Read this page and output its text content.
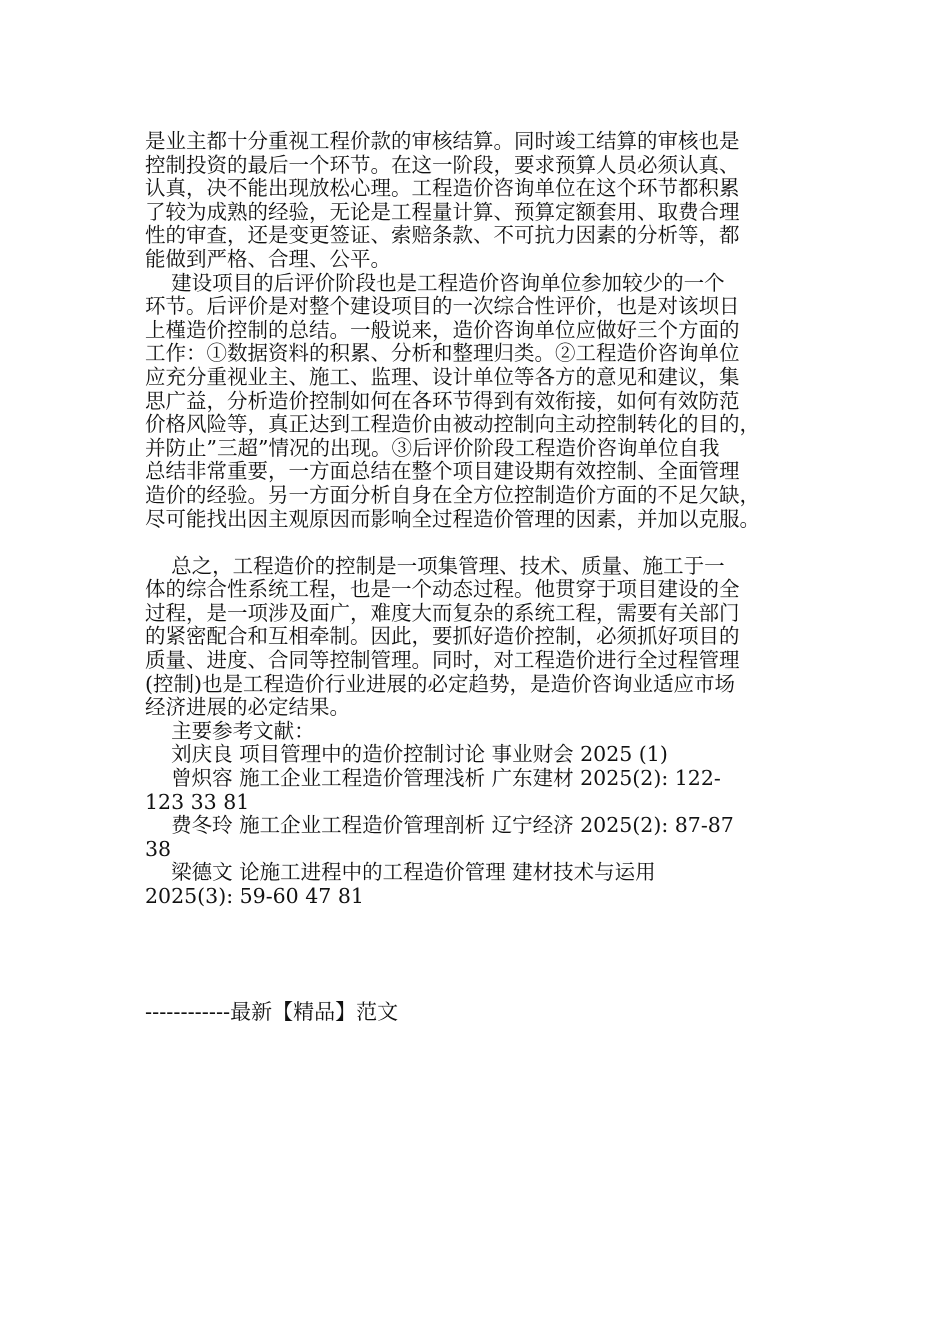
是业主都十分重视工程价款的审核结算。同时竣工结算的审核也是
控制投资的最后一个环节。在这一阶段，要求预算人员必须认真、
认真，决不能出现放松心理。工程造价咨询单位在这个环节都积累
了较为成熟的经验，无论是工程量计算、预算定额套用、取费合理
性的审查，还是变更签证、索赔条款、不可抗力因素的分析等，都
能做到严格、合理、公平。
建设项目的后评价阶段也是工程造价咨询单位参加较少的一个
环节。后评价是对整个建设项目的一次综合性评价，也是对该坝日
上槿造价控制的总结。一般说来，造价咨询单位应做好三个方面的
工作：①数据资料的积累、分析和整理归类。②工程造价咨询单位
应充分重视业主、施工、监理、设计单位等各方的意见和建议，集
思广益，分析造价控制如何在各环节得到有效衔接，如何有效防范
价格风险等，真正达到工程造价由被动控制向主动控制转化的目的，
并防止”三超”情况的出现。③后评价阶段工程造价咨询单位自我
总结非常重要，一方面总结在整个项目建设期有效控制、全面管理
造价的经验。另一方面分析自身在全方位控制造价方面的不足欠缺，
尽可能找出因主观原因而影响全过程造价管理的因素，并加以克服。
总之，工程造价的控制是一项集管理、技术、质量、施工于一
体的综合性系统工程，也是一个动态过程。他贯穿于项目建设的全
过程，是一项涉及面广，难度大而复杂的系统工程，需要有关部门
的紧密配合和互相牵制。因此，要抓好造价控制，必须抓好项目的
质量、进度、合同等控制管理。同时，对工程造价进行全过程管理
(控制)也是工程造价行业进展的必定趋势，是造价咨询业适应市场
经济进展的必定结果。
主要参考文献：
刘庆良 项目管理中的造价控制讨论 事业财会 2025 (1)
曾炽容 施工企业工程造价管理浅析 广东建材 2025(2): 122-
123 33 81
费冬玲 施工企业工程造价管理剖析 辽宁经济 2025(2): 87-87
38
梁德文 论施工进程中的工程造价管理 建材技术与运用
2025(3): 59-60 47 81
------------最新【精品】范文
